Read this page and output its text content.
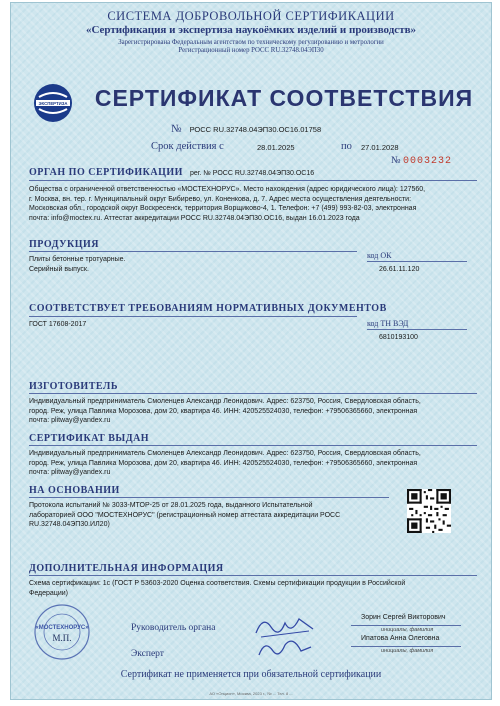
СИСТЕМА ДОБРОВОЛЬНОЙ СЕРТИФИКАЦИИ
«Сертификация и экспертиза наукоёмких изделий и производств»
Зарегистрирована Федеральным агентством по техническому регулированию и метрологии
Регистрационный номер РОСС RU.32748.04ЭП30
ЭКСПЕРТИЗА СЕРТИФИКАТ СООТВЕТСТВИЯ
№ РОСС RU.32748.04ЭП30.ОС16.01758
Срок действия с	28.01.2025	по 27.01.2028
№ 0003232
ОРГАН ПО СЕРТИФИКАЦИИ рег. № РОСС RU.32748.04ЭП30.ОС16
Общества с ограниченной ответственностью «МОСТЕХНОРУС». Место нахождения (адрес юридического лица): 127560,
г. Москва, вн. тер. г. Муниципальный округ Бибирево, ул. Коненкова, д. 7. Адрес места осуществления деятельности:
Московская обл., городской округ Воскресенск, территория Ворщиково-4, 1. Телефон: +7 (499) 993-82-03, электронная
почта: info@moctex.ru. Аттестат аккредитации РОСС RU.32748.04ЭП30.ОС16, выдан 16.01.2023 года
ПРОДУКЦИЯ
Плиты бетонные тротуарные.
Серийный выпуск.
код ОК
26.61.11.120
СООТВЕТСТВУЕТ ТРЕБОВАНИЯМ НОРМАТИВНЫХ ДОКУМЕНТОВ
ГОСТ 17608-2017	код ТН ВЭД
6810193100
ИЗГОТОВИТЕЛЬ
Индивидуальный предприниматель Смоленцев Александр Леонидович. Адрес: 623750, Россия, Свердловская область,
город. Реж, улица Павлика Морозова, дом 20, квартира 46. ИНН: 420525524030, телефон: +79506365660, электронная
почта: plitway@yandex.ru
СЕРТИФИКАТ ВЫДАН
Индивидуальный предприниматель Смоленцев Александр Леонидович. Адрес: 623750, Россия, Свердловская область,
город. Реж, улица Павлика Морозова, дом 20, квартира 46. ИНН: 420525524030, телефон: +79506365660, электронная
почта: plitway@yandex.ru
НА ОСНОВАНИИ
Протокола испытаний № 3033-МТОР-25 от 28.01.2025 года, выданного Испытательной
лабораторией ООО "МОСТЕХНОРУС" (регистрационный номер аттестата аккредитации РОСС
RU.32748.04ЭП30.ИЛ20)
ДОПОЛНИТЕЛЬНАЯ ИНФОРМАЦИЯ
Схема сертификации: 1с (ГОСТ Р 53603-2020 Оценка соответствия. Схемы сертификации продукции в Российской
Федерации)
«МОСТЕХНОРУС»
М.П.
Руководитель органа
Зорин Сергей Викторович
инициалы, фамилия
Эксперт
Ипатова Анна Олеговна
инициалы, фамилия
Сертификат не применяется при обязательной сертификации
АО «Опцион», Москва, 2023 г., № ... Тел. 8 ...
